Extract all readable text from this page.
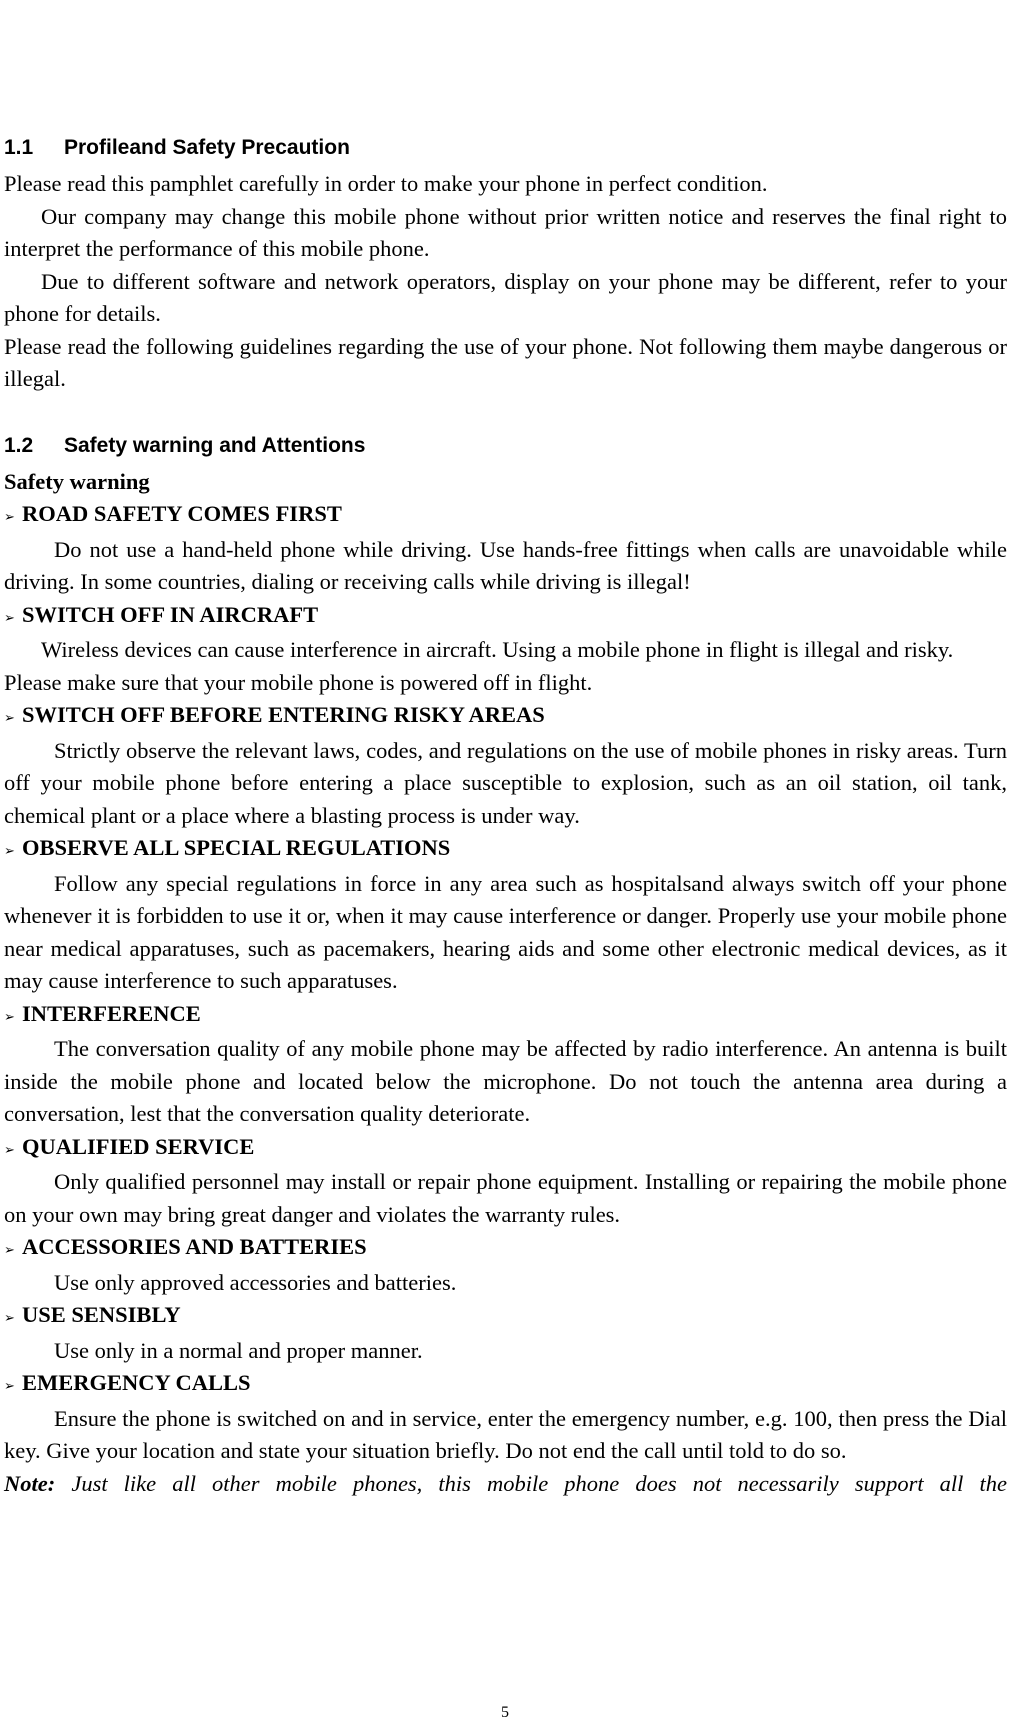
1.1	Profileand Safety Precaution

Please read this pamphlet carefully in order to make your phone in perfect condition.

Our company may change this mobile phone without prior written notice and reserves the final right to interpret the performance of this mobile phone.

Due to different software and network operators, display on your phone may be different, refer to your phone for details.

Please read the following guidelines regarding the use of your phone. Not following them maybe dangerous or illegal.

1.2	Safety warning and Attentions

Safety warning

➢ ROAD SAFETY COMES FIRST

Do not use a hand-held phone while driving. Use hands-free fittings when calls are unavoidable while driving. In some countries, dialing or receiving calls while driving is illegal!

➢ SWITCH OFF IN AIRCRAFT

Wireless devices can cause interference in aircraft. Using a mobile phone in flight is illegal and risky.

Please make sure that your mobile phone is powered off in flight.

➢ SWITCH OFF BEFORE ENTERING RISKY AREAS

Strictly observe the relevant laws, codes, and regulations on the use of mobile phones in risky areas. Turn off your mobile phone before entering a place susceptible to explosion, such as an oil station, oil tank, chemical plant or a place where a blasting process is under way.

➢ OBSERVE ALL SPECIAL REGULATIONS

Follow any special regulations in force in any area such as hospitalsand always switch off your phone whenever it is forbidden to use it or, when it may cause interference or danger. Properly use your mobile phone near medical apparatuses, such as pacemakers, hearing aids and some other electronic medical devices, as it may cause interference to such apparatuses.

➢ INTERFERENCE

The conversation quality of any mobile phone may be affected by radio interference. An antenna is built inside the mobile phone and located below the microphone. Do not touch the antenna area during a conversation, lest that the conversation quality deteriorate.

➢ QUALIFIED SERVICE

Only qualified personnel may install or repair phone equipment. Installing or repairing the mobile phone on your own may bring great danger and violates the warranty rules.

➢ ACCESSORIES AND BATTERIES

Use only approved accessories and batteries.

➢ USE SENSIBLY

Use only in a normal and proper manner.

➢ EMERGENCY CALLS

Ensure the phone is switched on and in service, enter the emergency number, e.g. 100, then press the Dial key. Give your location and state your situation briefly. Do not end the call until told to do so.

Note: Just like all other mobile phones, this mobile phone does not necessarily support all the

5
